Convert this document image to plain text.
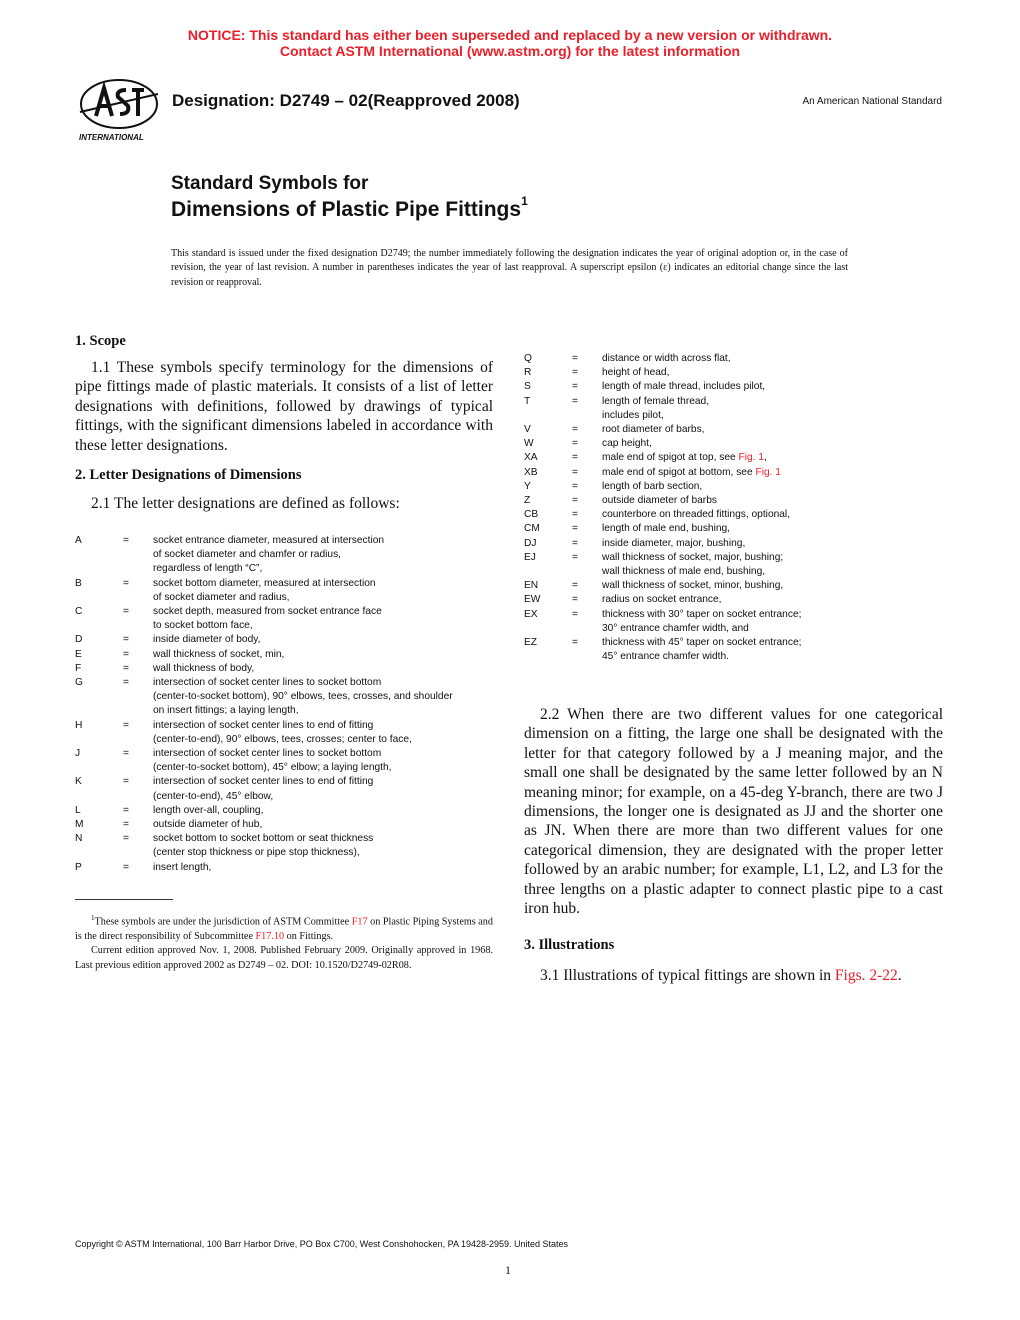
NOTICE: This standard has either been superseded and replaced by a new version or withdrawn.
Contact ASTM International (www.astm.org) for the latest information
INTERNATIONAL
Designation: D2749 – 02(Reapproved 2008)	An American National Standard
Standard Symbols for
Dimensions of Plastic Pipe Fittings$^1$
This standard is issued under the fixed designation D2749; the number immediately following the designation indicates the year of original adoption or, in the case of revision, the year of last revision. A number in parentheses indicates the year of last reapproval. A superscript epsilon (ε) indicates an editorial change since the last revision or reapproval.
1. Scope
1.1 These symbols specify terminology for the dimensions of pipe fittings made of plastic materials. It consists of a list of letter designations with definitions, followed by drawings of typical fittings, with the significant dimensions labeled in accordance with these letter designations.
2. Letter Designations of Dimensions
2.1 The letter designations are defined as follows:
A	=	socket entrance diameter, measured at intersection
of socket diameter and chamfer or radius,
regardless of length “C”,
B	=	socket bottom diameter, measured at intersection
of socket diameter and radius,
C	=	socket depth, measured from socket entrance face
to socket bottom face,
D	=	inside diameter of body,
E	=	wall thickness of socket, min,
F	=	wall thickness of body,
G	=	intersection of socket center lines to socket bottom
(center-to-socket bottom), 90° elbows, tees, crosses, and shoulder
on insert fittings; a laying length,
H	=	intersection of socket center lines to end of fitting
(center-to-end), 90° elbows, tees, crosses; center to face,
J	=	intersection of socket center lines to socket bottom
(center-to-socket bottom), 45° elbow; a laying length,
K	=	intersection of socket center lines to end of fitting
(center-to-end), 45° elbow,
L	=	length over-all, coupling,
M	=	outside diameter of hub,
N	=	socket bottom to socket bottom or seat thickness
(center stop thickness or pipe stop thickness),
P	=	insert length,
Q	=	distance or width across flat,
R	=	height of head,
S	=	length of male thread, includes pilot,
T	=	length of female thread,
includes pilot,
V	=	root diameter of barbs,
W	=	cap height,
XA	=	male end of spigot at top, see Fig. 1,
XB	=	male end of spigot at bottom, see Fig. 1
Y	=	length of barb section,
Z	=	outside diameter of barbs
CB	=	counterbore on threaded fittings, optional,
CM	=	length of male end, bushing,
DJ	=	inside diameter, major, bushing,
EJ	=	wall thickness of socket, major, bushing;
wall thickness of male end, bushing,
EN	=	wall thickness of socket, minor, bushing,
EW	=	radius on socket entrance,
EX	=	thickness with 30° taper on socket entrance;
30° entrance chamfer width, and
EZ	=	thickness with 45° taper on socket entrance;
45° entrance chamfer width.
2.2 When there are two different values for one categorical dimension on a fitting, the large one shall be designated with the letter for that category followed by a J meaning major, and the small one shall be designated by the same letter followed by an N meaning minor; for example, on a 45-deg Y-branch, there are two J dimensions, the longer one is designated as JJ and the shorter one as JN. When there are more than two different values for one categorical dimension, they are designated with the proper letter followed by an arabic number; for example, L1, L2, and L3 for the three lengths on a plastic adapter to connect plastic pipe to a cast iron hub.
3. Illustrations
3.1 Illustrations of typical fittings are shown in Figs. 2-22.

$^1$These symbols are under the jurisdiction of ASTM Committee F17 on Plastic Piping Systems and is the direct responsibility of Subcommittee F17.10 on Fittings.

Current edition approved Nov. 1, 2008. Published February 2009. Originally approved in 1968. Last previous edition approved 2002 as D2749 – 02. DOI: 10.1520/D2749-02R08.

Copyright © ASTM International, 100 Barr Harbor Drive, PO Box C700, West Conshohocken, PA 19428-2959. United States
1
